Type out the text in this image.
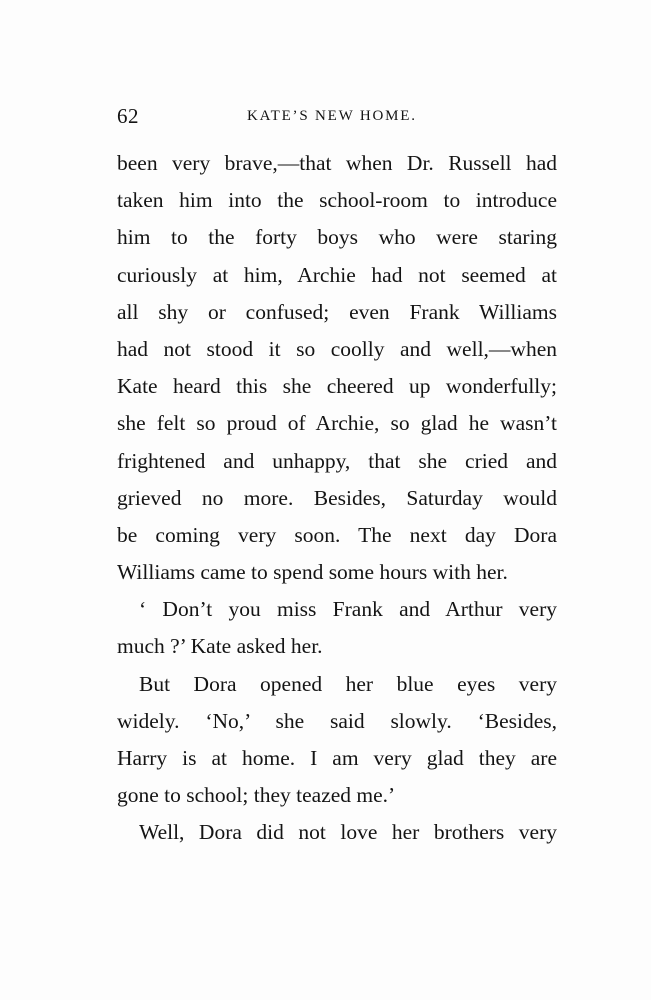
62	KATE’S NEW HOME.
been very brave,—that when Dr. Russell had
taken him into the school-room to introduce
him to the forty boys who were staring
curiously at him, Archie had not seemed at
all shy or confused; even Frank Williams
had not stood it so coolly and well,—when
Kate heard this she cheered up wonderfully;
she felt so proud of Archie, so glad he wasn’t
frightened and unhappy, that she cried and
grieved no more. Besides, Saturday would
be coming very soon. The next day Dora
Williams came to spend some hours with her.
‘ Don’t you miss Frank and Arthur very
much ?’ Kate asked her.
But Dora opened her blue eyes very
widely. ‘No,’ she said slowly. ‘Besides,
Harry is at home. I am very glad they are
gone to school; they teazed me.’
Well, Dora did not love her brothers very
